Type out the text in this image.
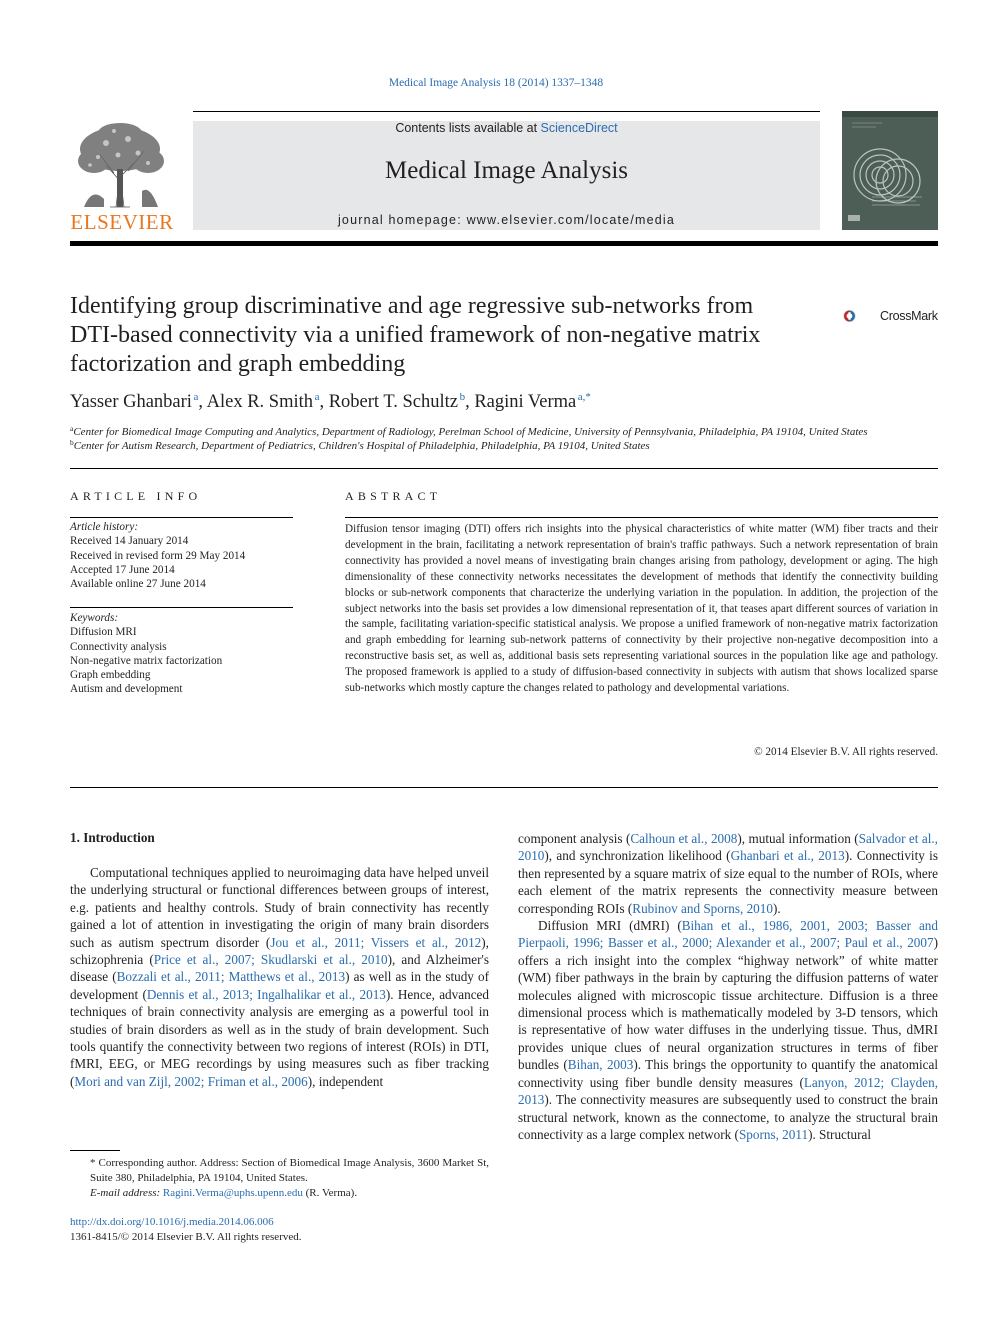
Medical Image Analysis 18 (2014) 1337–1348
ELSEVIER
Contents lists available at ScienceDirect
Medical Image Analysis
journal homepage: www.elsevier.com/locate/media
Identifying group discriminative and age regressive sub-networks from
DTI-based connectivity via a unified framework of non-negative matrix
factorization and graph embedding
CrossMark
Yasser Ghanbari  $^a$, Alex R. Smith  $^a$, Robert T. Schultz  $^b$, Ragini Verma  $^{a,*}$
$^a$Center for Biomedical Image Computing and Analytics, Department of Radiology, Perelman School of Medicine, University of Pennsylvania, Philadelphia, PA 19104, United States
$^b$Center for Autism Research, Department of Pediatrics, Children's Hospital of Philadelphia, Philadelphia, PA 19104, United States
ARTICLE INFO
Article history:
Received 14 January 2014
Received in revised form 29 May 2014
Accepted 17 June 2014
Available online 27 June 2014
Keywords:
Diffusion MRI
Connectivity analysis
Non-negative matrix factorization
Graph embedding
Autism and development
ABSTRACT
Diffusion tensor imaging (DTI) offers rich insights into the physical characteristics of white matter (WM) fiber tracts and their development in the brain, facilitating a network representation of brain's traffic pathways. Such a network representation of brain connectivity has provided a novel means of investigating brain changes arising from pathology, development or aging. The high dimensionality of these connectivity networks necessitates the development of methods that identify the connectivity building blocks or sub-network components that characterize the underlying variation in the population. In addition, the projection of the subject networks into the basis set provides a low dimensional representation of it, that teases apart different sources of variation in the sample, facilitating variation-specific statistical analysis. We propose a unified framework of non-negative matrix factorization and graph embedding for learning sub-network patterns of connectivity by their projective non-negative decomposition into a reconstructive basis set, as well as, additional basis sets representing variational sources in the population like age and pathology. The proposed framework is applied to a study of diffusion-based connectivity in subjects with autism that shows localized sparse sub-networks which mostly capture the changes related to pathology and developmental variations.
© 2014 Elsevier B.V. All rights reserved.
1. Introduction

Computational techniques applied to neuroimaging data have helped unveil the underlying structural or functional differences between groups of interest, e.g. patients and healthy controls. Study of brain connectivity has recently gained a lot of attention in investigating the origin of many brain disorders such as autism spectrum disorder (Jou et al., 2011; Vissers et al., 2012), schizophrenia (Price et al., 2007; Skudlarski et al., 2010), and Alzheimer's disease (Bozzali et al., 2011; Matthews et al., 2013) as well as in the study of development (Dennis et al., 2013; Ingalhalikar et al., 2013). Hence, advanced techniques of brain connectivity analysis are emerging as a powerful tool in studies of brain disorders as well as in the study of brain development. Such tools quantify the connectivity between two regions of interest (ROIs) in DTI, fMRI, EEG, or MEG recordings by using measures such as fiber tracking (Mori and van Zijl, 2002; Friman et al., 2006), independent

component analysis (Calhoun et al., 2008), mutual information (Salvador et al., 2010), and synchronization likelihood (Ghanbari et al., 2013). Connectivity is then represented by a square matrix of size equal to the number of ROIs, where each element of the matrix represents the connectivity measure between corresponding ROIs (Rubinov and Sporns, 2010).

Diffusion MRI (dMRI) (Bihan et al., 1986, 2001, 2003; Basser and Pierpaoli, 1996; Basser et al., 2000; Alexander et al., 2007; Paul et al., 2007) offers a rich insight into the complex “highway network” of white matter (WM) fiber pathways in the brain by capturing the diffusion patterns of water molecules aligned with microscopic tissue architecture. Diffusion is a three dimensional process which is mathematically modeled by 3-D tensors, which is representative of how water diffuses in the underlying tissue. Thus, dMRI provides unique clues of neural organization structures in terms of fiber bundles (Bihan, 2003). This brings the opportunity to quantify the anatomical connectivity using fiber bundle density measures (Lanyon, 2012; Clayden, 2013). The connectivity measures are subsequently used to construct the brain structural network, known as the connectome, to analyze the structural brain connectivity as a large complex network (Sporns, 2011). Structural

* Corresponding author. Address: Section of Biomedical Image Analysis, 3600 Market St, Suite 380, Philadelphia, PA 19104, United States.
E-mail address: Ragini.Verma@uphs.upenn.edu (R. Verma).
http://dx.doi.org/10.1016/j.media.2014.06.006
1361-8415/© 2014 Elsevier B.V. All rights reserved.
